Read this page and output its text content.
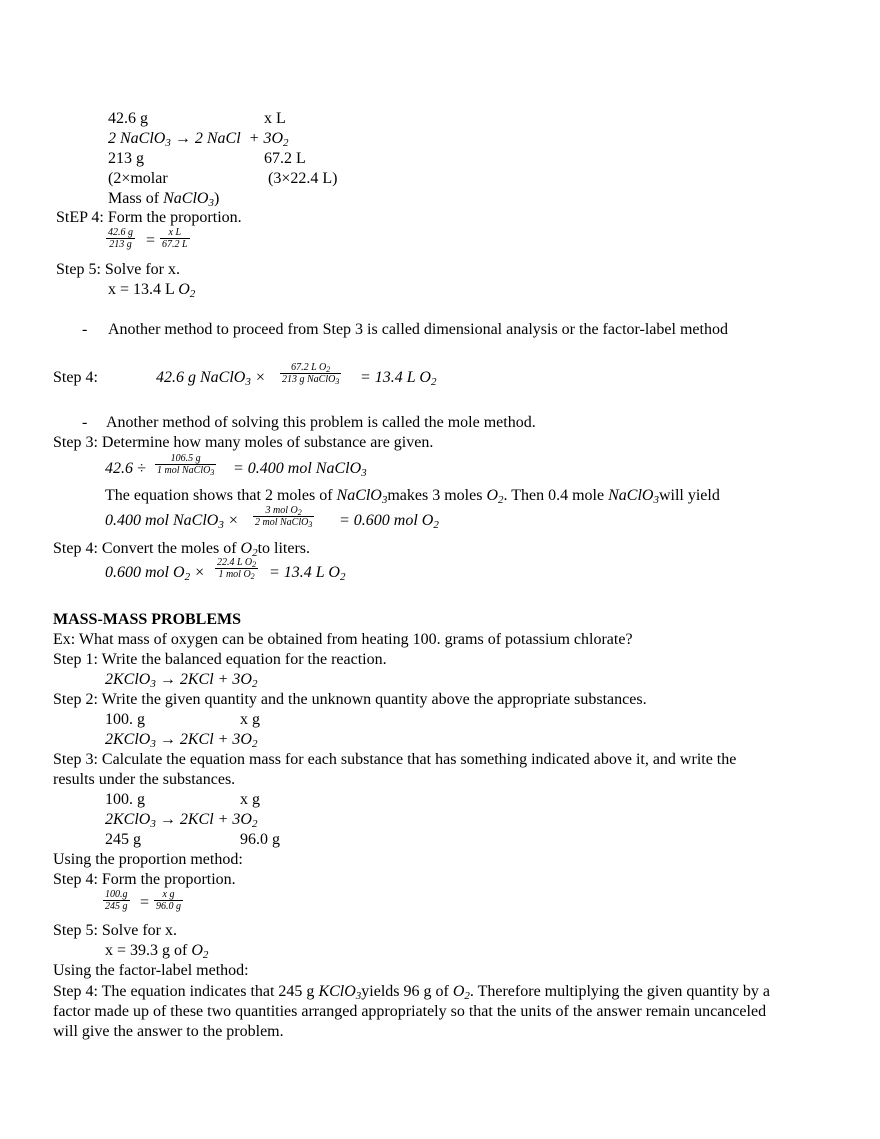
42.6 g	x L
2 NaClO$_3$ → 2 NaCl + $3O_2$
213 g	67.2 L
(2×molar	(3×22.4 L)
Mass of NaClO$_3$)
StEP 4: Form the proportion.
$\frac{42.6 g}{213 g} = \frac{\text{x L}}{67.2 L}$
Step 5: Solve for x.
x = 13.4 L $O_2$
- Another method to proceed from Step 3 is called dimensional analysis or the factor-label method
Step 4:	42.6 g NaClO$_3$ ×
67.2 L $O_2$
213 g NaClO$_3$ = 13.4 L $O_2$
- Another method of solving this problem is called the mole method.
Step 3: Determine how many moles of substance are given.
42.6 ÷
106.5 g
1 mol NaClO$_3$ = 0.400 mol NaClO$_3$
The equation shows that 2 moles of NaClO$_3$makes 3 moles $O_2$. Then 0.4 mole NaClO$_3$will yield
0.400 mol NaClO$_3$ ×
3 mol $O_2$
2 mol NaClO$_3$ = 0.600 mol $O_2$
Step 4: Convert the moles of $O_2to$ liters.
0.600 mol $O_2$ ×
22.4 L $O_2$
1 mol $O_2 = 13.4$ L $O_2$
MASS-MASS PROBLEMS
Ex: What mass of oxygen can be obtained from heating 100. grams of potassium chlorate?
Step 1: Write the balanced equation for the reaction.
2KClO$_3$ → $2KCl + 3O_2$
Step 2: Write the given quantity and the unknown quantity above the appropriate substances.
100. g	x g
2KClO$_3$ → $2KCl + 3O_2$
Step 3: Calculate the equation mass for each substance that has something indicated above it, and write the
results under the substances.
100. g	x g
2KClO$_3$ → $2KCl + 3O_2$
245 g	96.0 g
Using the proportion method:
Step 4: Form the proportion.
$\frac{100.g}{245 g} = \frac{\text{x g}}{96.0 g}$
Step 5: Solve for x.
x = 39.3 g of $O_2$
Using the factor-label method:
Step 4: The equation indicates that 245 g KClO$_3$yields 96 g of $O_2$. Therefore multiplying the given quantity by a
factor made up of these two quantities arranged appropriately so that the units of the answer remain uncanceled
will give the answer to the problem.
